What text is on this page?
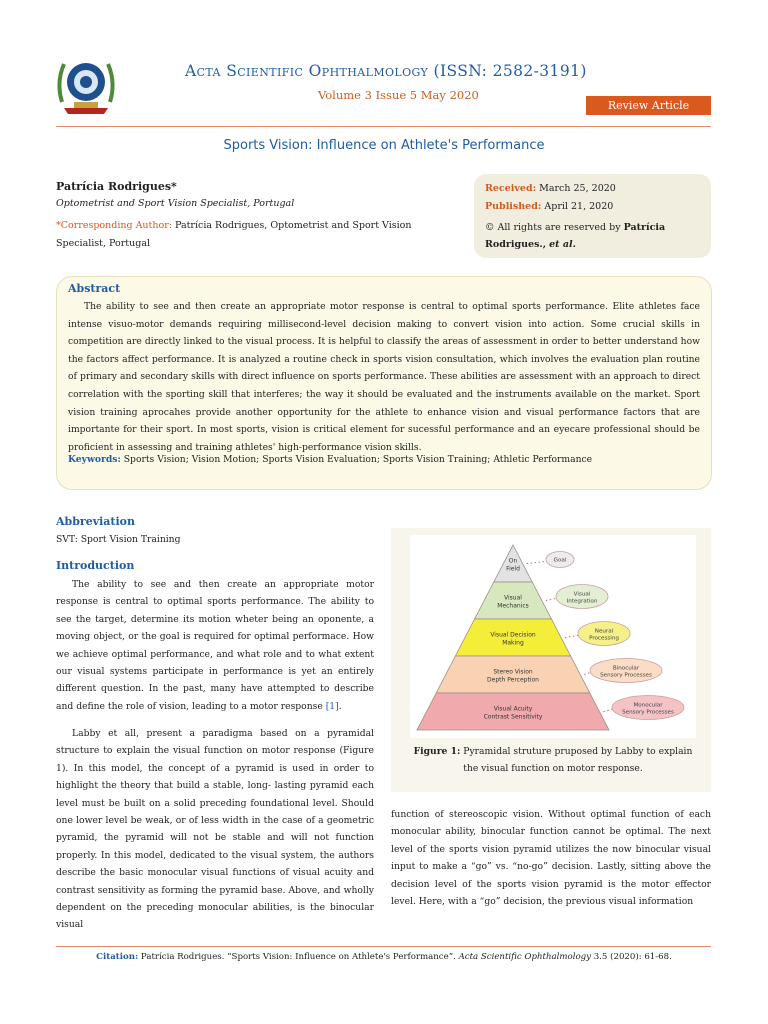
Acta Scientific Ophthalmology (ISSN: 2582-3191)
Volume 3 Issue 5 May 2020
Review Article
Sports Vision: Influence on Athlete's Performance
Patrícia Rodrigues*
Optometrist and Sport Vision Specialist, Portugal
*Corresponding Author: Patrícia Rodrigues, Optometrist and Sport Vision Specialist, Portugal
Received: March 25, 2020
Published: April 21, 2020
© All rights are reserved by Patrícia Rodrigues., et al.
Abstract
The ability to see and then create an appropriate motor response is central to optimal sports performance. Elite athletes face intense visuo-motor demands requiring millisecond-level decision making to convert vision into action. Some crucial skills in competition are directly linked to the visual process. It is helpful to classify the areas of assessment in order to better understand how the factors affect performance. It is analyzed a routine check in sports vision consultation, which involves the evaluation plan routine of primary and secondary skills with direct influence on sports performance. These abilities are assessment with an approach to direct correlation with the sporting skill that interferes; the way it should be evaluated and the instruments available on the market. Sport vision training aprocahes provide another opportunity for the athlete to enhance vision and visual performance factors that are importante for their sport. In most sports, vision is critical element for sucessful performance and an eyecare professional should be proficient in assessing and training athletes' high-performance vision skills.
Keywords: Sports Vision; Vision Motion; Sports Vision Evaluation; Sports Vision Training; Athletic Performance
Abbreviation
SVT: Sport Vision Training
Introduction
The ability to see and then create an appropriate motor response is central to optimal sports performance. The ability to see the target, determine its motion wheter being an oponente, a moving object, or the goal is required for optimal performace. How we achieve optimal performance, and what role and to what extent our visual systems participate in performance is yet an entirely different question. In the past, many have attempted to describe and define the role of vision, leading to a motor response [1].
Labby et all, present a paradigma based on a pyramidal structure to explain the visual function on motor response (Figure 1). In this model, the concept of a pyramid is used in order to highlight the theory that build a stable, long- lasting pyramid each level must be built on a solid preceding foundational level. Should one lower level be weak, or of less width in the case of a geometric pyramid, the pyramid will not be stable and will not function properly. In this model, dedicated to the visual system, the authors describe the basic monocular visual functions of visual acuity and contrast sensitivity as forming the pyramid base. Above, and wholly dependent on the preceding monocular abilities, is the binocular visual
On
Field
Goal
Visual
Mechanics
Visual
Integration
Visual Decision
Making
Neural
Processing
Stereo Vision
Depth Perception
Binocular
Sensory Processes
Visual Acuity
Contrast Sensitivity
Monocular
Sensory Processes
Figure 1: Pyramidal struture pruposed by Labby to explain the visual function on motor response.
function of stereoscopic vision. Without optimal function of each monocular ability, binocular function cannot be optimal. The next level of the sports vision pyramid utilizes the now binocular visual input to make a “go” vs. “no-go” decision. Lastly, sitting above the decision level of the sports vision pyramid is the motor effector level. Here, with a “go” decision, the previous visual information
Citation: Patrícia Rodrigues. “Sports Vision: Influence on Athlete's Performance”. Acta Scientific Ophthalmology 3.5 (2020): 61-68.
